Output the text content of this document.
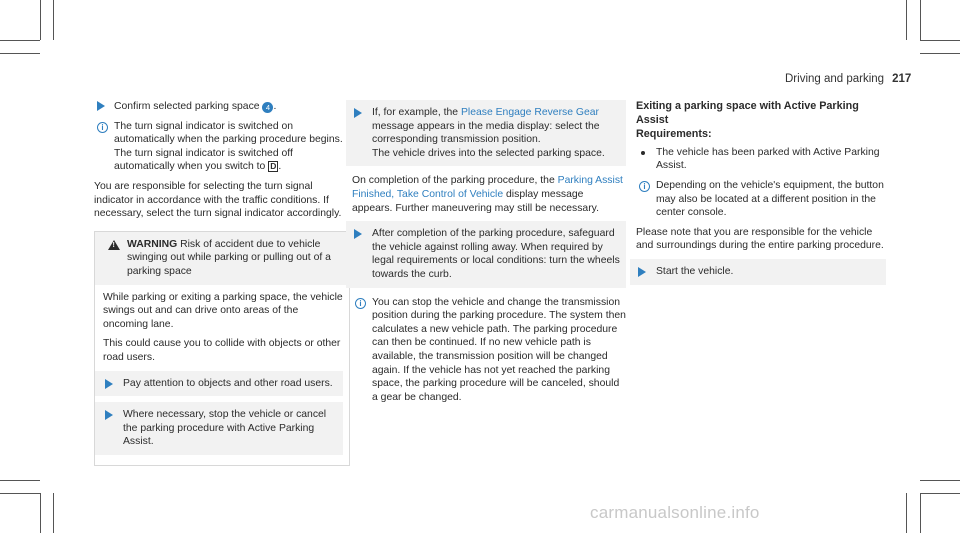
Driving and parking 217
Confirm selected parking space 4 .
i The turn signal indicator is switched on automatically when the parking procedure begins. The turn signal indicator is switched off automatically when you switch to D .
You are responsible for selecting the turn signal indicator in accordance with the traffic conditions. If necessary, select the turn signal indicator accordingly.
!
WARNING Risk of accident due to vehicle swinging out while parking or pulling out of a parking space
While parking or exiting a parking space, the vehicle swings out and can drive onto areas of the oncoming lane.
This could cause you to collide with objects or other road users.
Pay attention to objects and other road users.
Where necessary, stop the vehicle or cancel the parking procedure with Active Parking Assist.
If, for example, the Please Engage Reverse Gear message appears in the media display: select the corresponding transmission position.
The vehicle drives into the selected parking space.
On completion of the parking procedure, the Parking Assist Finished, Take Control of Vehicle display message appears. Further maneuvering may still be necessary.
After completion of the parking procedure, safeguard the vehicle against rolling away. When required by legal requirements or local conditions: turn the wheels towards the curb.
i You can stop the vehicle and change the transmission position during the parking procedure. The system then calculates a new vehicle path. The parking procedure can then be continued. If no new vehicle path is available, the transmission position will be changed again. If the vehicle has not yet reached the parking space, the parking procedure will be canceled, should a gear be changed.
Exiting a parking space with Active Parking Assist
Requirements:
The vehicle has been parked with Active Parking Assist.
i Depending on the vehicle's equipment, the button may also be located at a different position in the center console.
Please note that you are responsible for the vehicle and surroundings during the entire parking procedure.
Start the vehicle.
carmanualsonline.info
